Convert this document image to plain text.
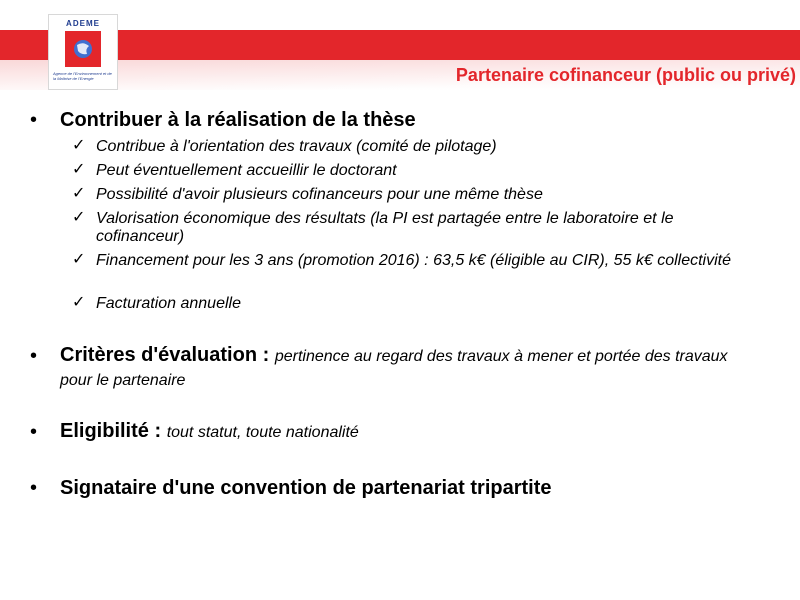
ADEME
Agence de l'Environnement et de la Maîtrise de l'Energie	Partenaire cofinanceur (public ou privé)
• Contribuer à la réalisation de la thèse
✓ Contribue à l'orientation des travaux (comité de pilotage)
✓ Peut éventuellement accueillir le doctorant
✓ Possibilité d'avoir plusieurs cofinanceurs pour une même thèse
✓ Valorisation économique des résultats (la PI est partagée entre le laboratoire et le cofinanceur)
✓ Financement pour les 3 ans (promotion 2016) : 63,5 k€ (éligible au CIR), 55 k€ collectivité
✓ Facturation annuelle
• Critères d'évaluation : pertinence au regard des travaux à mener et portée des travaux pour le partenaire
• Eligibilité : tout statut, toute nationalité
• Signataire d'une convention de partenariat tripartite
